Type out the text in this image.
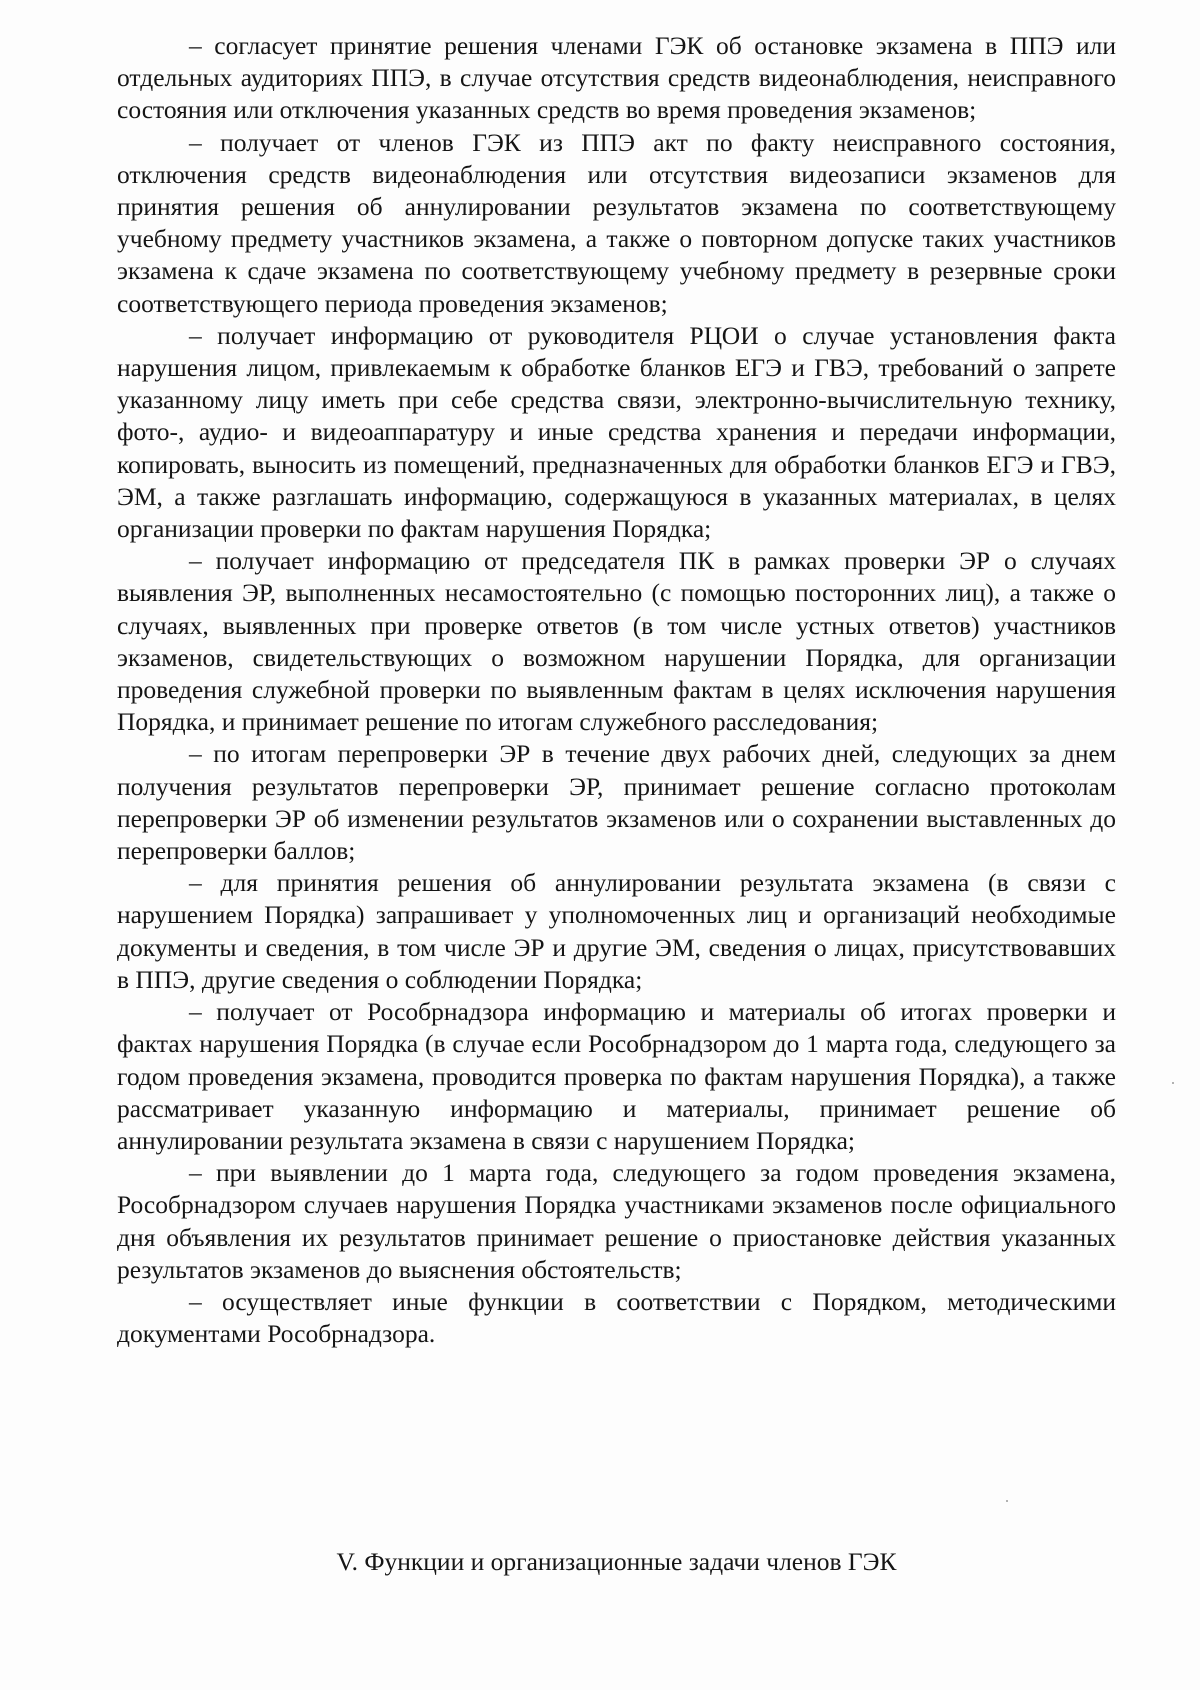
– согласует принятие решения членами ГЭК об остановке экзамена в ППЭ или отдельных аудиториях ППЭ, в случае отсутствия средств видеонаблюдения, неисправного состояния или отключения указанных средств во время проведения экзаменов;

– получает от членов ГЭК из ППЭ акт по факту неисправного состояния, отключения средств видеонаблюдения или отсутствия видеозаписи экзаменов для принятия решения об аннулировании результатов экзамена по соответствующему учебному предмету участников экзамена, а также о повторном допуске таких участников экзамена к сдаче экзамена по соответствующему учебному предмету в резервные сроки соответствующего периода проведения экзаменов;

– получает информацию от руководителя РЦОИ о случае установления факта нарушения лицом, привлекаемым к обработке бланков ЕГЭ и ГВЭ, требований о запрете указанному лицу иметь при себе средства связи, электронно-вычислительную технику, фото-, аудио- и видеоаппаратуру и иные средства хранения и передачи информации, копировать, выносить из помещений, предназначенных для обработки бланков ЕГЭ и ГВЭ, ЭМ, а также разглашать информацию, содержащуюся в указанных материалах, в целях организации проверки по фактам нарушения Порядка;

– получает информацию от председателя ПК в рамках проверки ЭР о случаях выявления ЭР, выполненных несамостоятельно (с помощью посторонних лиц), а также о случаях, выявленных при проверке ответов (в том числе устных ответов) участников экзаменов, свидетельствующих о возможном нарушении Порядка, для организации проведения служебной проверки по выявленным фактам в целях исключения нарушения Порядка, и принимает решение по итогам служебного расследования;

– по итогам перепроверки ЭР в течение двух рабочих дней, следующих за днем получения результатов перепроверки ЭР, принимает решение согласно протоколам перепроверки ЭР об изменении результатов экзаменов или о сохранении выставленных до перепроверки баллов;

– для принятия решения об аннулировании результата экзамена (в связи с нарушением Порядка) запрашивает у уполномоченных лиц и организаций необходимые документы и сведения, в том числе ЭР и другие ЭМ, сведения о лицах, присутствовавших в ППЭ, другие сведения о соблюдении Порядка;

– получает от Рособрнадзора информацию и материалы об итогах проверки и фактах нарушения Порядка (в случае если Рособрнадзором до 1 марта года, следующего за годом проведения экзамена, проводится проверка по фактам нарушения Порядка), а также рассматривает указанную информацию и материалы, принимает решение об аннулировании результата экзамена в связи с нарушением Порядка;

– при выявлении до 1 марта года, следующего за годом проведения экзамена, Рособрнадзором случаев нарушения Порядка участниками экзаменов после официального дня объявления их результатов принимает решение о приостановке действия указанных результатов экзаменов до выяснения обстоятельств;

– осуществляет иные функции в соответствии с Порядком, методическими документами Рособрнадзора.

V. Функции и организационные задачи членов ГЭК
